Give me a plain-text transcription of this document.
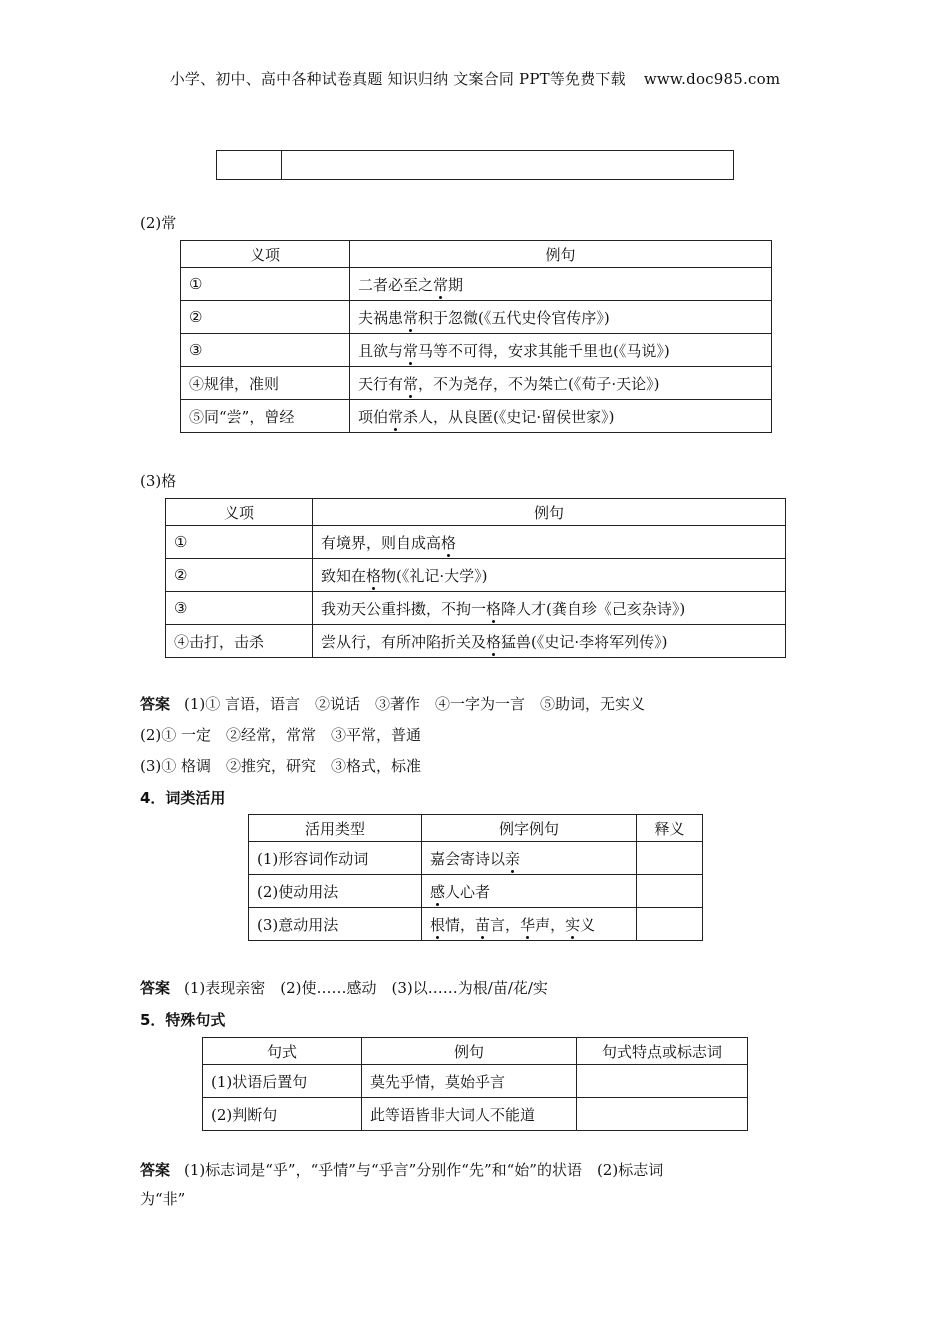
小学、初中、高中各种试卷真题 知识归纳 文案合同 PPT等免费下载 www.doc985.com

(2)常
义项	例句
①	二者必至之常期
②	夫祸患常积于忽微(《五代史伶官传序》)
③	且欲与常马等不可得，安求其能千里也(《马说》)
④规律，准则	天行有常，不为尧存，不为桀亡(《荀子·天论》)
⑤同“尝”，曾经	项伯常杀人，从良匿(《史记·留侯世家》)
(3)格
义项	例句
①	有境界，则自成高格
②	致知在格物(《礼记·大学》)
③	我劝天公重抖擞，不拘一格降人才(龚自珍《己亥杂诗》)
④击打，击杀	尝从行，有所冲陷折关及格猛兽(《史记·李将军列传》)
答案 (1)① 言语，语言　②说话　③著作　④一字为一言　⑤助词，无实义
(2)① 一定　②经常，常常　③平常，普通
(3)① 格调　②推究，研究　③格式，标准
4．词类活用
活用类型	例字例句	释义
(1)形容词作动词	嘉会寄诗以亲	
(2)使动用法	感人心者	
(3)意动用法	根情，苗言，华声，实义	
答案 (1)表现亲密　(2)使……感动　(3)以……为根/苗/花/实
5．特殊句式
句式	例句	句式特点或标志词
(1)状语后置句	莫先乎情，莫始乎言	
(2)判断句	此等语皆非大词人不能道	
答案 (1)标志词是“乎”，“乎情”与“乎言”分别作“先”和“始”的状语　(2)标志词
为“非”
